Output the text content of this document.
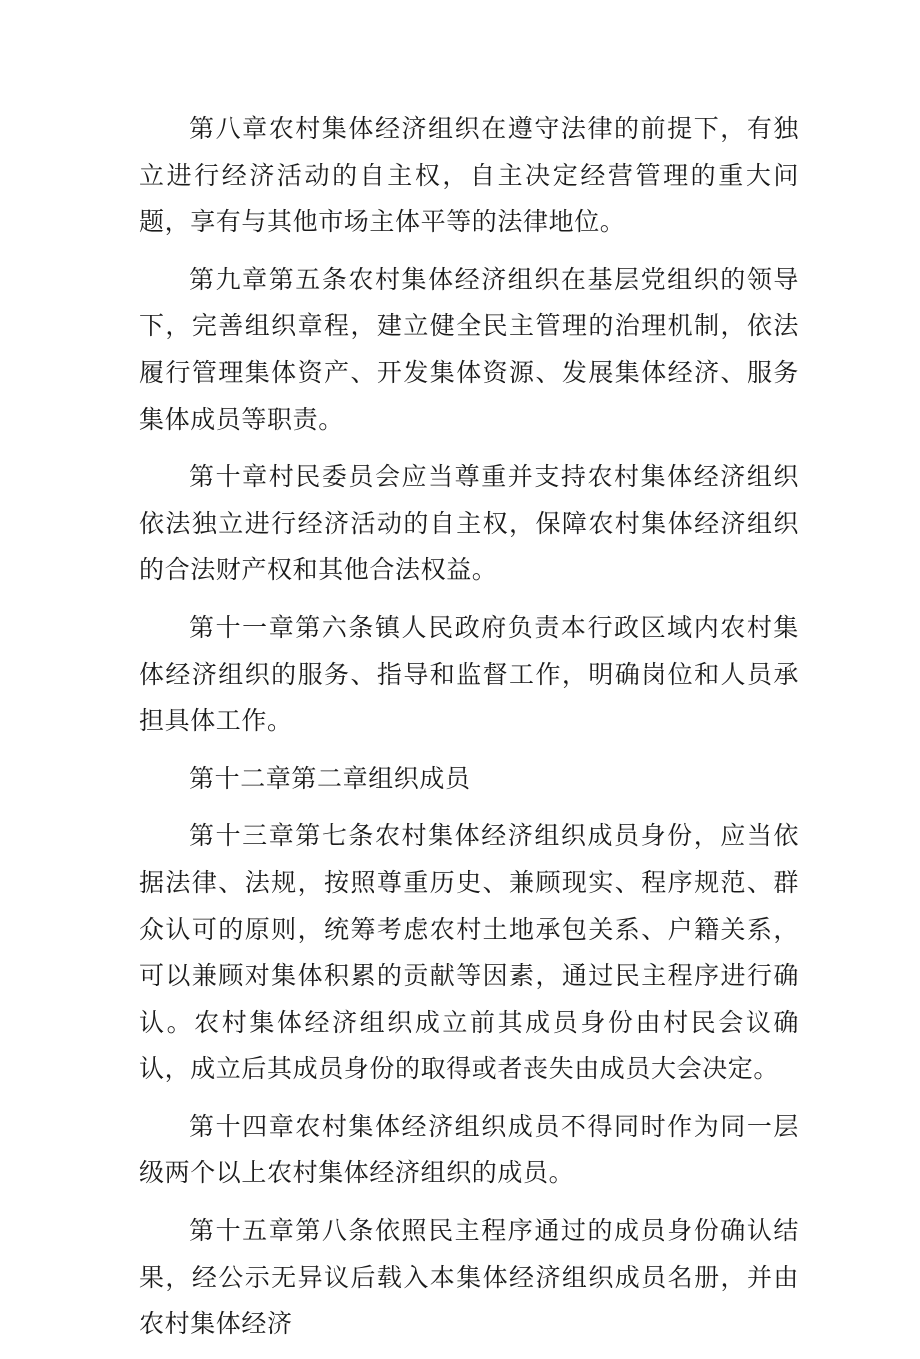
第八章农村集体经济组织在遵守法律的前提下，有独立进行经济活动的自主权，自主决定经营管理的重大问题，享有与其他市场主体平等的法律地位。

第九章第五条农村集体经济组织在基层党组织的领导下，完善组织章程，建立健全民主管理的治理机制，依法履行管理集体资产、开发集体资源、发展集体经济、服务集体成员等职责。

第十章村民委员会应当尊重并支持农村集体经济组织依法独立进行经济活动的自主权，保障农村集体经济组织的合法财产权和其他合法权益。

第十一章第六条镇人民政府负责本行政区域内农村集体经济组织的服务、指导和监督工作，明确岗位和人员承担具体工作。

第十二章第二章组织成员

第十三章第七条农村集体经济组织成员身份，应当依据法律、法规，按照尊重历史、兼顾现实、程序规范、群众认可的原则，统筹考虑农村土地承包关系、户籍关系，可以兼顾对集体积累的贡献等因素，通过民主程序进行确认。农村集体经济组织成立前其成员身份由村民会议确认，成立后其成员身份的取得或者丧失由成员大会决定。

第十四章农村集体经济组织成员不得同时作为同一层级两个以上农村集体经济组织的成员。

第十五章第八条依照民主程序通过的成员身份确认结果，经公示无异议后载入本集体经济组织成员名册，并由农村集体经济
